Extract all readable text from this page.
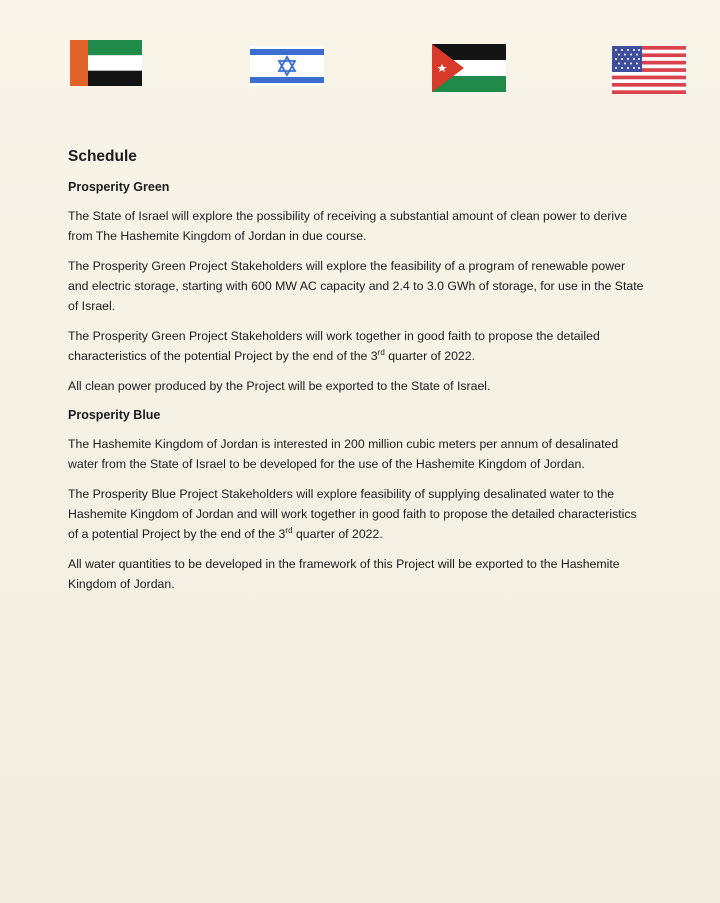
Schedule
Prosperity Green

The State of Israel will explore the possibility of receiving a substantial amount of clean power to derive from The Hashemite Kingdom of Jordan in due course.

The Prosperity Green Project Stakeholders will explore the feasibility of a program of renewable power and electric storage, starting with 600 MW AC capacity and 2.4 to 3.0 GWh of storage, for use in the State of Israel.

The Prosperity Green Project Stakeholders will work together in good faith to propose the detailed characteristics of the potential Project by the end of the 3rd quarter of 2022.

All clean power produced by the Project will be exported to the State of Israel.

Prosperity Blue

The Hashemite Kingdom of Jordan is interested in 200 million cubic meters per annum of desalinated water from the State of Israel to be developed for the use of the Hashemite Kingdom of Jordan.

The Prosperity Blue Project Stakeholders will explore feasibility of supplying desalinated water to the Hashemite Kingdom of Jordan and will work together in good faith to propose the detailed characteristics of a potential Project by the end of the 3rd quarter of 2022.

All water quantities to be developed in the framework of this Project will be exported to the Hashemite Kingdom of Jordan.
